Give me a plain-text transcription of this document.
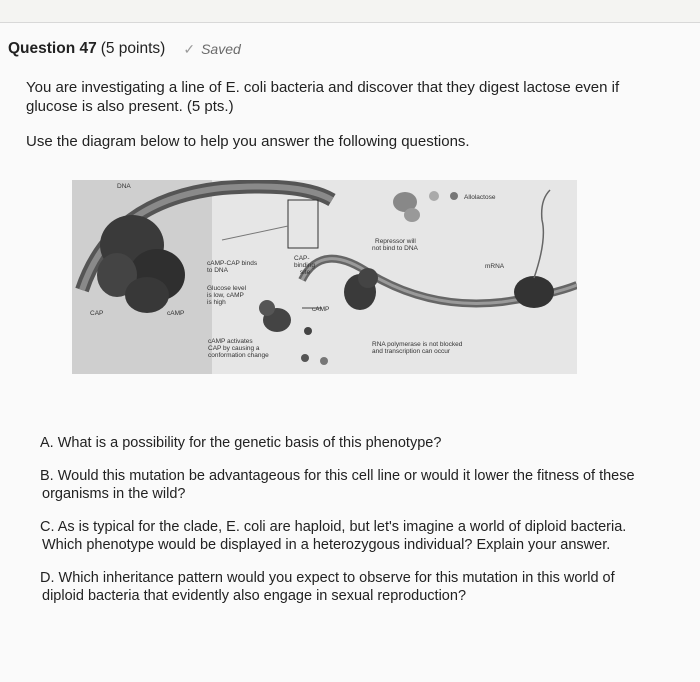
Question 47 (5 points) ✓ Saved
You are investigating a line of E. coli bacteria and discover that they digest lactose even if glucose is also present. (5 pts.)
Use the diagram below to help you answer the following questions.
DNA
CAP	cAMP
cAMP-CAP binds
to DNA
CAP-
binding
site
Glucose level
is low, cAMP
is high
cAMP
cAMP activates
CAP by causing a
conformation change
Repressor will
not bind to DNA
Allolactose
mRNA
RNA polymerase is not blocked
and transcription can occur
A. What is a possibility for the genetic basis of this phenotype?
B. Would this mutation be advantageous for this cell line or would it lower the fitness of these organisms in the wild?
C. As is typical for the clade, E. coli are haploid, but let's imagine a world of diploid bacteria. Which phenotype would be displayed in a heterozygous individual? Explain your answer.
D. Which inheritance pattern would you expect to observe for this mutation in this world of diploid bacteria that evidently also engage in sexual reproduction?
